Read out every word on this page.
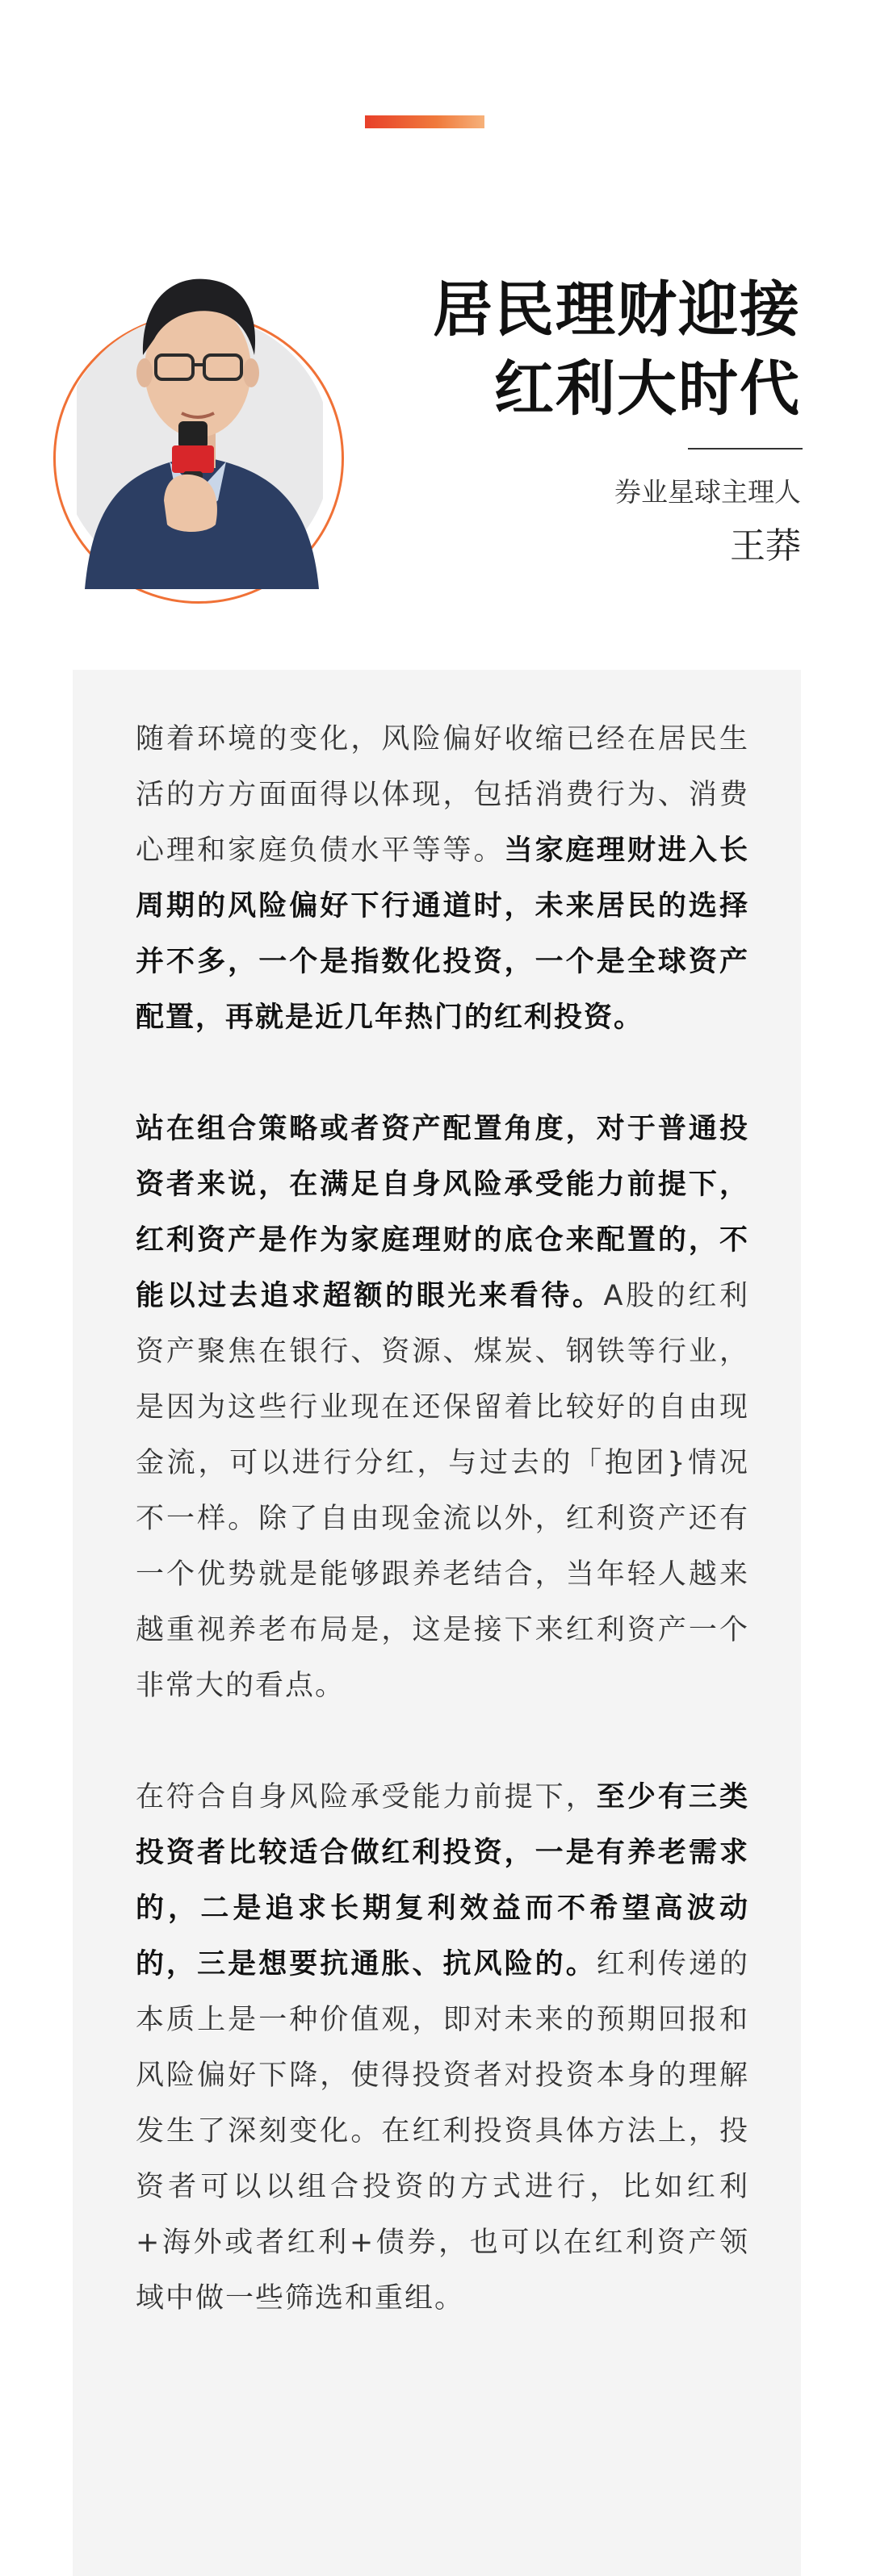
居民理财迎接
红利大时代
券业星球主理人
王莽

随着环境的变化，风险偏好收缩已经在居民生活的方方面面得以体现，包括消费行为、消费心理和家庭负债水平等等。当家庭理财进入长周期的风险偏好下行通道时，未来居民的选择并不多，一个是指数化投资，一个是全球资产配置，再就是近几年热门的红利投资。

站在组合策略或者资产配置角度，对于普通投资者来说，在满足自身风险承受能力前提下，红利资产是作为家庭理财的底仓来配置的，不能以过去追求超额的眼光来看待。A股的红利资产聚焦在银行、资源、煤炭、钢铁等行业，是因为这些行业现在还保留着比较好的自由现金流，可以进行分红，与过去的「抱团}情况不一样。除了自由现金流以外，红利资产还有一个优势就是能够跟养老结合，当年轻人越来越重视养老布局是，这是接下来红利资产一个非常大的看点。

在符合自身风险承受能力前提下，至少有三类投资者比较适合做红利投资，一是有养老需求的，二是追求长期复利效益而不希望高波动的，三是想要抗通胀、抗风险的。红利传递的本质上是一种价值观，即对未来的预期回报和风险偏好下降，使得投资者对投资本身的理解发生了深刻变化。在红利投资具体方法上，投资者可以以组合投资的方式进行，比如红利+海外或者红利+债券，也可以在红利资产领域中做一些筛选和重组。
